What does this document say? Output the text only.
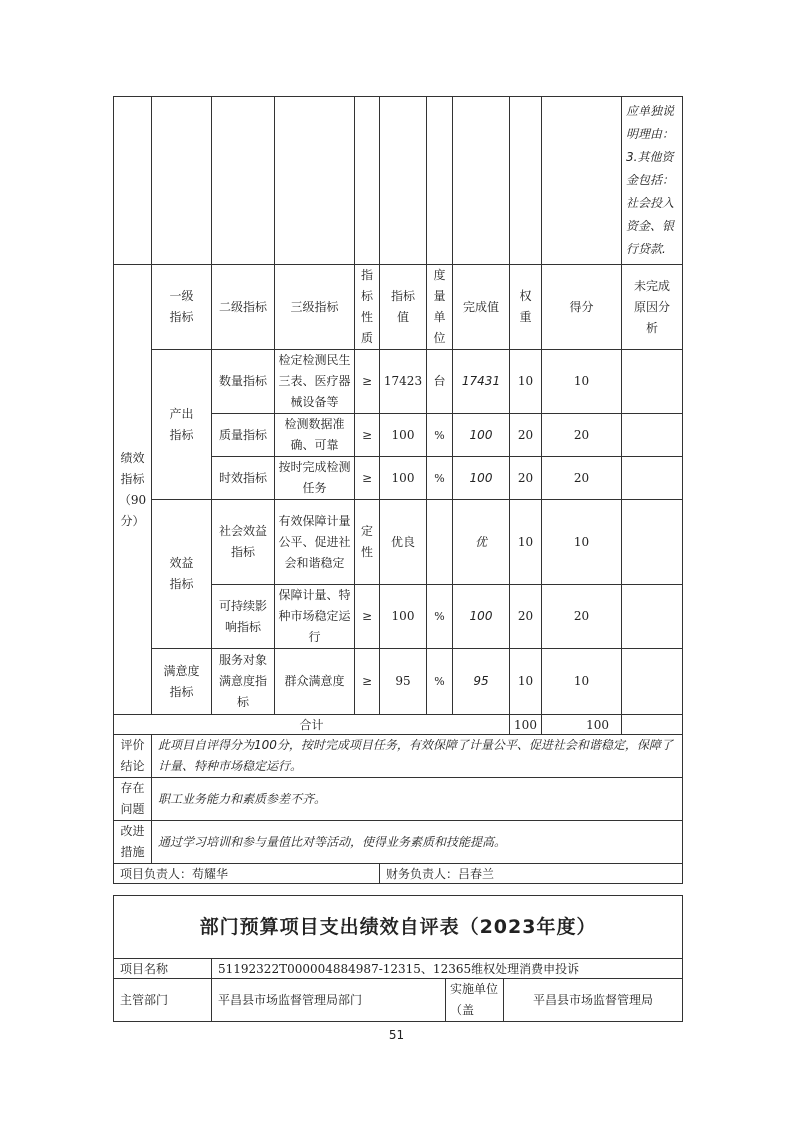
										应单独说明理由：3.其他资金包括：社会投入资金、银行贷款.
绩效指标（90分）	一级指标	二级指标	三级指标	指标性质	指标值	度量单位	完成值	权重	得分	未完成原因分析
	产出指标	数量指标	检定检测民生三表、医疗器械设备等	≥	17423	台	17431	10	10	
		质量指标	检测数据准确、可靠	≥	100	%	100	20	20	
		时效指标	按时完成检测任务	≥	100	%	100	20	20	
	效益指标	社会效益指标	有效保障计量公平、促进社会和谐稳定	定性	优良		优	10	10	
		可持续影响指标	保障计量、特种市场稳定运行	≥	100	%	100	20	20	
	满意度指标	服务对象满意度指标	群众满意度	≥	95	%	95	10	10	
合计								100	100	
评价结论	此项目自评得分为100分，按时完成项目任务，有效保障了计量公平、促进社会和谐稳定，保障了计量、特种市场稳定运行。									
存在问题	职工业务能力和素质参差不齐。									
改进措施	通过学习培训和参与量值比对等活动，使得业务素质和技能提高。									
项目负责人：苟耀华					财务负责人：吕春兰					
部门预算项目支出绩效自评表（2023年度）			
项目名称	51192322T000004884987-12315、12365维权处理消费申投诉		
主管部门	平昌县市场监督管理局部门	实施单位（盖	平昌县市场监督管理局
51
